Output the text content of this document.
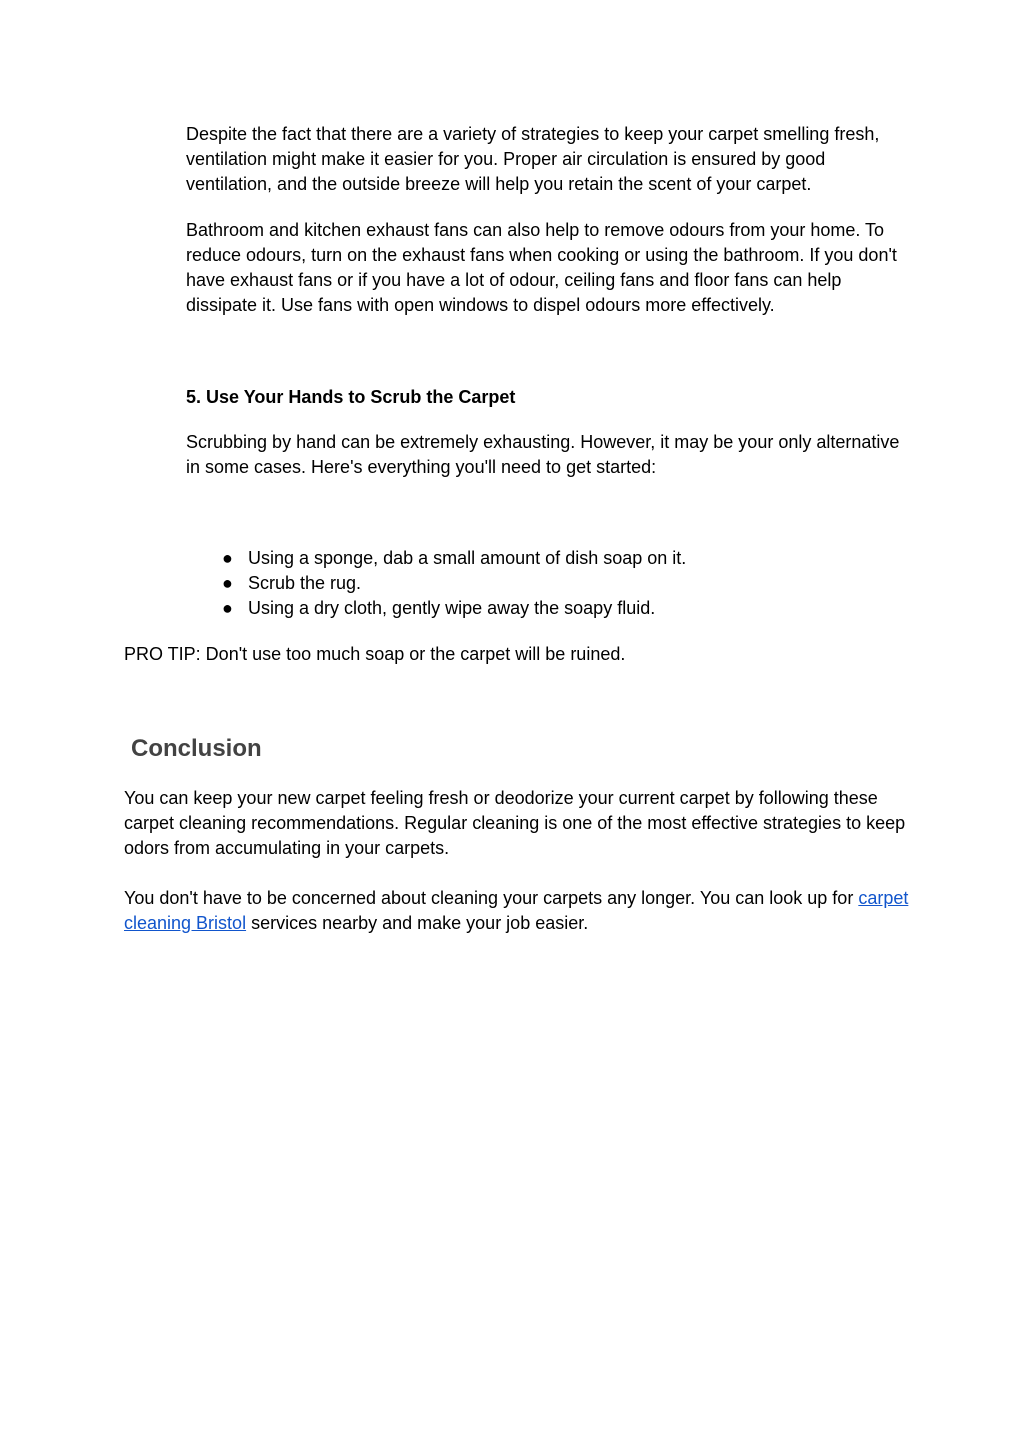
Despite the fact that there are a variety of strategies to keep your carpet smelling fresh, ventilation might make it easier for you. Proper air circulation is ensured by good ventilation, and the outside breeze will help you retain the scent of your carpet.

Bathroom and kitchen exhaust fans can also help to remove odours from your home. To reduce odours, turn on the exhaust fans when cooking or using the bathroom. If you don't have exhaust fans or if you have a lot of odour, ceiling fans and floor fans can help dissipate it. Use fans with open windows to dispel odours more effectively.

5. Use Your Hands to Scrub the Carpet

Scrubbing by hand can be extremely exhausting. However, it may be your only alternative in some cases. Here's everything you'll need to get started:

● Using a sponge, dab a small amount of dish soap on it.
● Scrub the rug.
● Using a dry cloth, gently wipe away the soapy fluid.

PRO TIP: Don't use too much soap or the carpet will be ruined.

Conclusion

You can keep your new carpet feeling fresh or deodorize your current carpet by following these carpet cleaning recommendations. Regular cleaning is one of the most effective strategies to keep odors from accumulating in your carpets.

You don't have to be concerned about cleaning your carpets any longer. You can look up for carpet cleaning Bristol services nearby and make your job easier.
